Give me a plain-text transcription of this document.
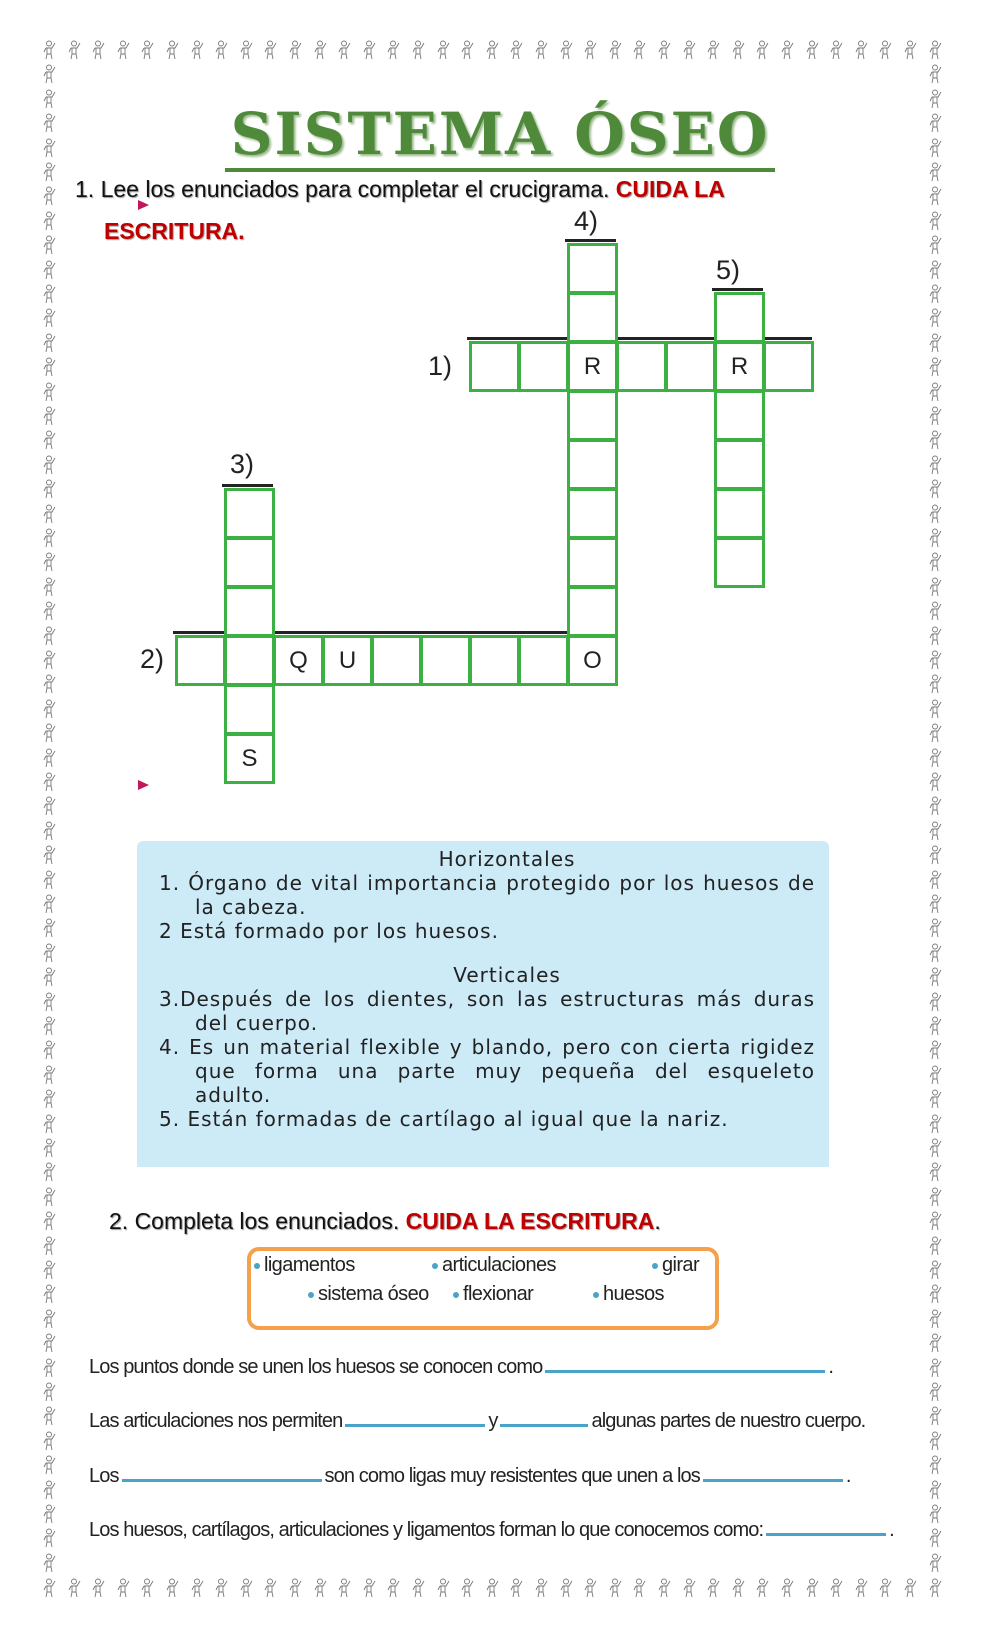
SISTEMA ÓSEO
1. Lee los enunciados para completar el crucigrama. CUIDA LA
ESCRITURA.
1)
2)
3)
4)
5)
R	R
Q	U	O
S
Horizontales
1. Órgano de vital importancia protegido por los huesos de la cabeza.
2 Está formado por los huesos.
Verticales
3.Después de los dientes, son las estructuras más duras del cuerpo.
4. Es un material flexible y blando, pero con cierta rigidez que forma una parte muy pequeña del esqueleto adulto.
5. Están formadas de cartílago al igual que la nariz.
2. Completa los enunciados. CUIDA LA ESCRITURA.
ligamentos	articulaciones	girar
sistema óseo	flexionar	huesos
Los puntos donde se unen los huesos se conocen como	.
Las articulaciones nos permiten	y	algunas partes de nuestro cuerpo.
Los	son como ligas muy resistentes que unen a los	.
Los huesos, cartílagos, articulaciones y ligamentos forman lo que conocemos como:	.
